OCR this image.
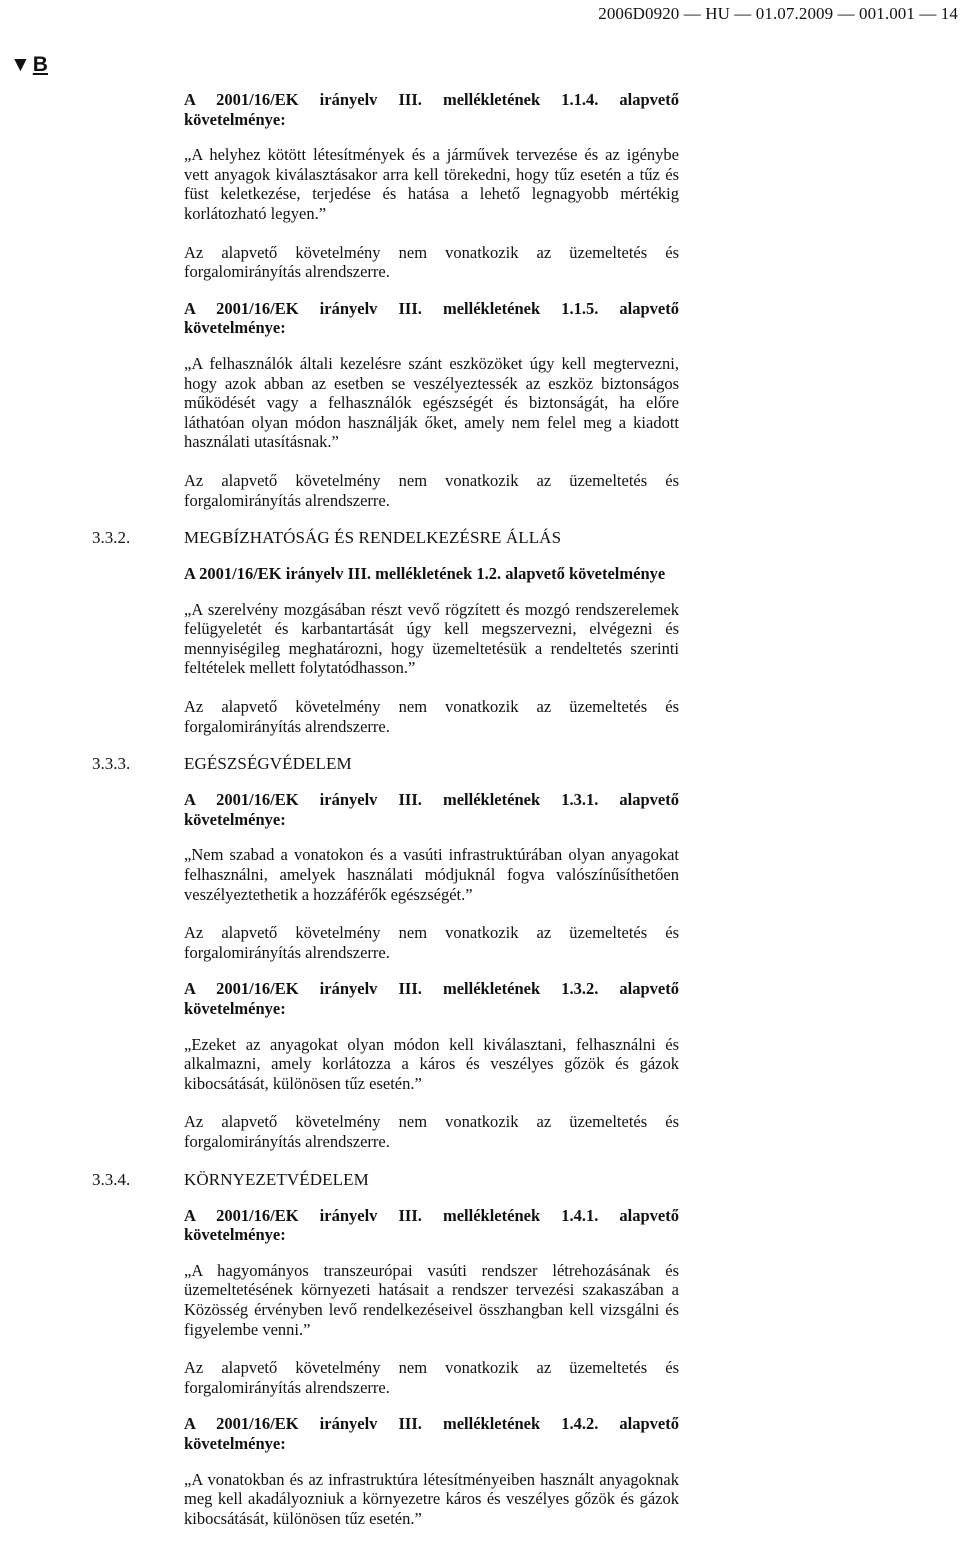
2006D0920 — HU — 01.07.2009 — 001.001 — 14
▼B

A 2001/16/EK irányelv III. mellékletének 1.1.4. alapvető követelménye:

„A helyhez kötött létesítmények és a járművek tervezése és az igénybe vett anyagok kiválasztásakor arra kell törekedni, hogy tűz esetén a tűz és füst keletkezése, terjedése és hatása a lehető legnagyobb mértékig korlátozható legyen.”

Az alapvető követelmény nem vonatkozik az üzemeltetés és forgalomirányítás alrendszerre.

A 2001/16/EK irányelv III. mellékletének 1.1.5. alapvető követelménye:

„A felhasználók általi kezelésre szánt eszközöket úgy kell megtervezni, hogy azok abban az esetben se veszélyeztessék az eszköz biztonságos működését vagy a felhasználók egészségét és biztonságát, ha előre láthatóan olyan módon használják őket, amely nem felel meg a kiadott használati utasításnak.”

Az alapvető követelmény nem vonatkozik az üzemeltetés és forgalomirányítás alrendszerre.

3.3.2.	MEGBÍZHATÓSÁG ÉS RENDELKEZÉSRE ÁLLÁS

A 2001/16/EK irányelv III. mellékletének 1.2. alapvető követelménye

„A szerelvény mozgásában részt vevő rögzített és mozgó rendszerelemek felügyeletét és karbantartását úgy kell megszervezni, elvégezni és mennyiségileg meghatározni, hogy üzemeltetésük a rendeltetés szerinti feltételek mellett folytatódhasson.”

Az alapvető követelmény nem vonatkozik az üzemeltetés és forgalomirányítás alrendszerre.

3.3.3.	EGÉSZSÉGVÉDELEM

A 2001/16/EK irányelv III. mellékletének 1.3.1. alapvető követelménye:

„Nem szabad a vonatokon és a vasúti infrastruktúrában olyan anyagokat felhasználni, amelyek használati módjuknál fogva valószínűsíthetően veszélyeztethetik a hozzáférők egészségét.”

Az alapvető követelmény nem vonatkozik az üzemeltetés és forgalomirányítás alrendszerre.

A 2001/16/EK irányelv III. mellékletének 1.3.2. alapvető követelménye:

„Ezeket az anyagokat olyan módon kell kiválasztani, felhasználni és alkalmazni, amely korlátozza a káros és veszélyes gőzök és gázok kibocsátását, különösen tűz esetén.”

Az alapvető követelmény nem vonatkozik az üzemeltetés és forgalomirányítás alrendszerre.

3.3.4.	KÖRNYEZETVÉDELEM

A 2001/16/EK irányelv III. mellékletének 1.4.1. alapvető követelménye:

„A hagyományos transzeurópai vasúti rendszer létrehozásának és üzemeltetésének környezeti hatásait a rendszer tervezési szakaszában a Közösség érvényben levő rendelkezéseivel összhangban kell vizsgálni és figyelembe venni.”

Az alapvető követelmény nem vonatkozik az üzemeltetés és forgalomirányítás alrendszerre.

A 2001/16/EK irányelv III. mellékletének 1.4.2. alapvető követelménye:

„A vonatokban és az infrastruktúra létesítményeiben használt anyagoknak meg kell akadályozniuk a környezetre káros és veszélyes gőzök és gázok kibocsátását, különösen tűz esetén.”
